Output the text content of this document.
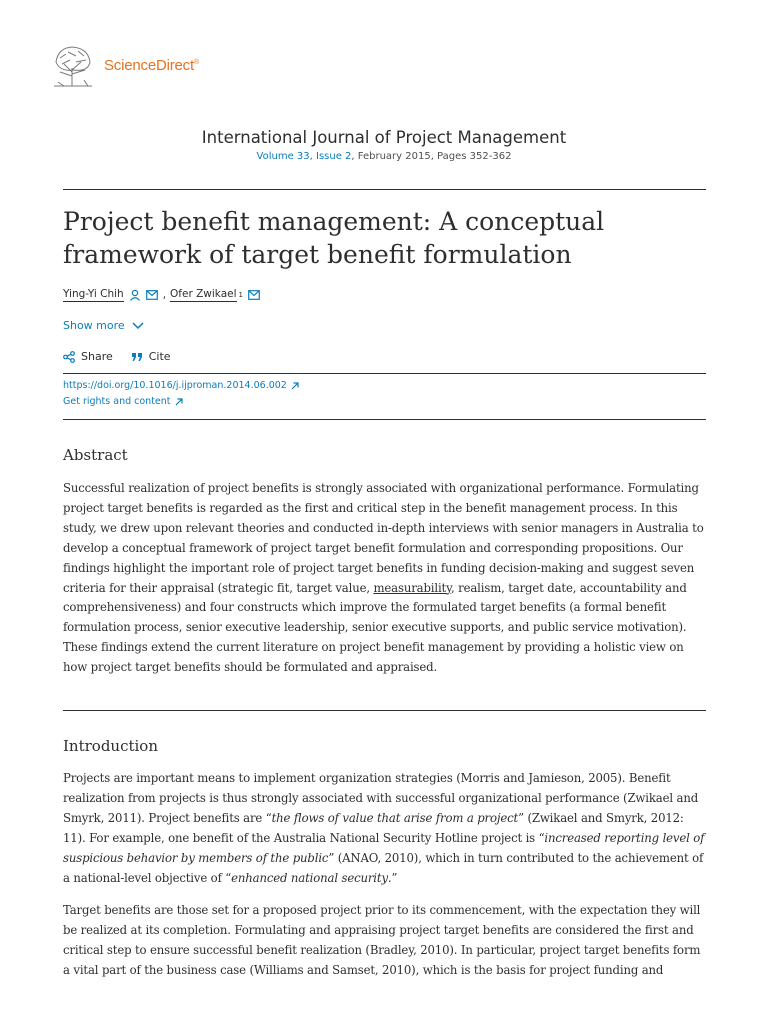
ScienceDirect®
International Journal of Project Management
Volume 33, Issue 2, February 2015, Pages 352-362
Project benefit management: A conceptual framework of target benefit formulation
Ying-Yi Chih	, Ofer Zwikael 1
Show more
Share	Cite
https://doi.org/10.1016/j.ijproman.2014.06.002
Get rights and content
Abstract

Successful realization of project benefits is strongly associated with organizational performance. Formulating project target benefits is regarded as the first and critical step in the benefit management process. In this study, we drew upon relevant theories and conducted in-depth interviews with senior managers in Australia to develop a conceptual framework of project target benefit formulation and corresponding propositions. Our findings highlight the important role of project target benefits in funding decision-making and suggest seven criteria for their appraisal (strategic fit, target value, measurability, realism, target date, accountability and comprehensiveness) and four constructs which improve the formulated target benefits (a formal benefit formulation process, senior executive leadership, senior executive supports, and public service motivation). These findings extend the current literature on project benefit management by providing a holistic view on how project target benefits should be formulated and appraised.

Introduction

Projects are important means to implement organization strategies (Morris and Jamieson, 2005). Benefit realization from projects is thus strongly associated with successful organizational performance (Zwikael and Smyrk, 2011). Project benefits are “the flows of value that arise from a project” (Zwikael and Smyrk, 2012: 11). For example, one benefit of the Australia National Security Hotline project is “increased reporting level of suspicious behavior by members of the public” (ANAO, 2010), which in turn contributed to the achievement of a national-level objective of “enhanced national security.”

Target benefits are those set for a proposed project prior to its commencement, with the expectation they will be realized at its completion. Formulating and appraising project target benefits are considered the first and critical step to ensure successful benefit realization (Bradley, 2010). In particular, project target benefits form a vital part of the business case (Williams and Samset, 2010), which is the basis for project funding and
